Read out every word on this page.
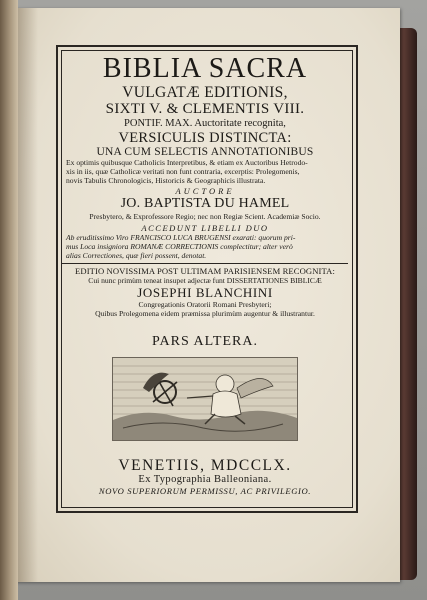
BIBLIA SACRA
VULGATÆ EDITIONIS,
SIXTI V. & CLEMENTIS VIII.
PONTIF. MAX. Auctoritate recognita,
VERSICULIS DISTINCTA:
UNA CUM SELECTIS ANNOTATIONIBUS
Ex optimis quibusque Catholicis Interpretibus, & etiam ex Auctoribus Hetrodo-
xis in iis, quæ Catholicæ veritati non funt contraria, excerptis: Prolegomenis,
novis Tabulis Chronologicis, Historicis & Geographicis illustrata.
AUCTORE
JO. BAPTISTA DU HAMEL
Presbytero, & Exprofessore Regio; nec non Regiæ Scient. Academiæ Socio.
ACCEDUNT LIBELLI DUO
Ab eruditissimo Viro FRANCISCO LUCA BRUGENSI exarati: quorum pri-
mus Loca insigniora ROMANÆ CORRECTIONIS complectitur; alter verò
alias Correctiones, quæ fieri possent, denotat.
EDITIO NOVISSIMA POST ULTIMAM PARISIENSEM RECOGNITA:
Cui nunc primùm teneat insupet adjectæ funt DISSERTATIONES BIBLICÆ
JOSEPHI BLANCHINI
Congregationis Oratorii Romani Presbyteri;
Quibus Prolegomena eidem præmissa plurimùm augentur & illustrantur.
PARS ALTERA.
VENETIIS, MDCCLX.
Ex Typographia Balleoniana.
NOVO SUPERIORUM PERMISSU, AC PRIVILEGIO.
